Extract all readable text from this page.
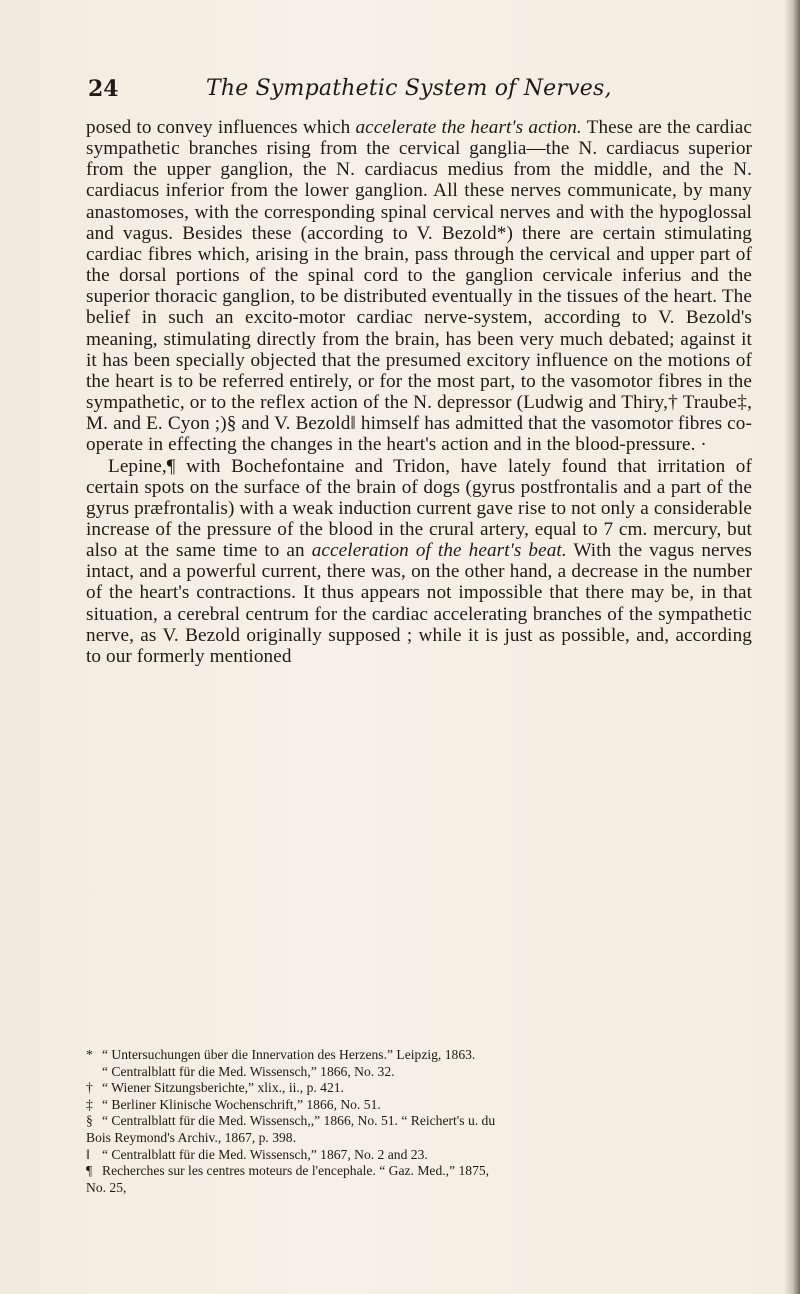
24	The Sympathetic System of Nerves,

posed to convey influences which accelerate the heart's action. These are the cardiac sympathetic branches rising from the cervical ganglia—the N. cardiacus superior from the upper ganglion, the N. cardiacus medius from the middle, and the N. cardiacus inferior from the lower ganglion. All these nerves communicate, by many anastomoses, with the corresponding spinal cervical nerves and with the hypoglossal and vagus. Besides these (according to V. Bezold*) there are certain stimulating cardiac fibres which, arising in the brain, pass through the cervical and upper part of the dorsal portions of the spinal cord to the ganglion cervicale inferius and the superior thoracic ganglion, to be distributed eventually in the tissues of the heart. The belief in such an excito-motor cardiac nerve-system, according to V. Bezold's meaning, stimulating directly from the brain, has been very much debated; against it it has been specially objected that the presumed excitory influence on the motions of the heart is to be referred entirely, or for the most part, to the vasomotor fibres in the sympathetic, or to the reflex action of the N. depressor (Ludwig and Thiry,† Traube‡, M. and E. Cyon ;)§ and V. Bezold‖ himself has admitted that the vasomotor fibres co-operate in effecting the changes in the heart's action and in the blood-pressure. ·

Lepine,¶ with Bochefontaine and Tridon, have lately found that irritation of certain spots on the surface of the brain of dogs (gyrus postfrontalis and a part of the gyrus præfrontalis) with a weak induction current gave rise to not only a considerable increase of the pressure of the blood in the crural artery, equal to 7 cm. mercury, but also at the same time to an acceleration of the heart's beat. With the vagus nerves intact, and a powerful current, there was, on the other hand, a decrease in the number of the heart's contractions. It thus appears not impossible that there may be, in that situation, a cerebral centrum for the cardiac accelerating branches of the sympathetic nerve, as V. Bezold originally supposed ; while it is just as possible, and, according to our formerly mentioned

* “ Untersuchungen über die Innervation des Herzens.” Leipzig, 1863.
“ Centralblatt für die Med. Wissensch,” 1866, No. 32.
† “ Wiener Sitzungsberichte,” xlix., ii., p. 421.
‡ “ Berliner Klinische Wochenschrift,” 1866, No. 51.
§ “ Centralblatt für die Med. Wissensch,,” 1866, No. 51. “ Reichert's u. du
Bois Reymond's Archiv., 1867, p. 398.
‖ “ Centralblatt für die Med. Wissensch,” 1867, No. 2 and 23.
¶ Recherches sur les centres moteurs de l'encephale. “ Gaz. Med.,” 1875,
No. 25,
